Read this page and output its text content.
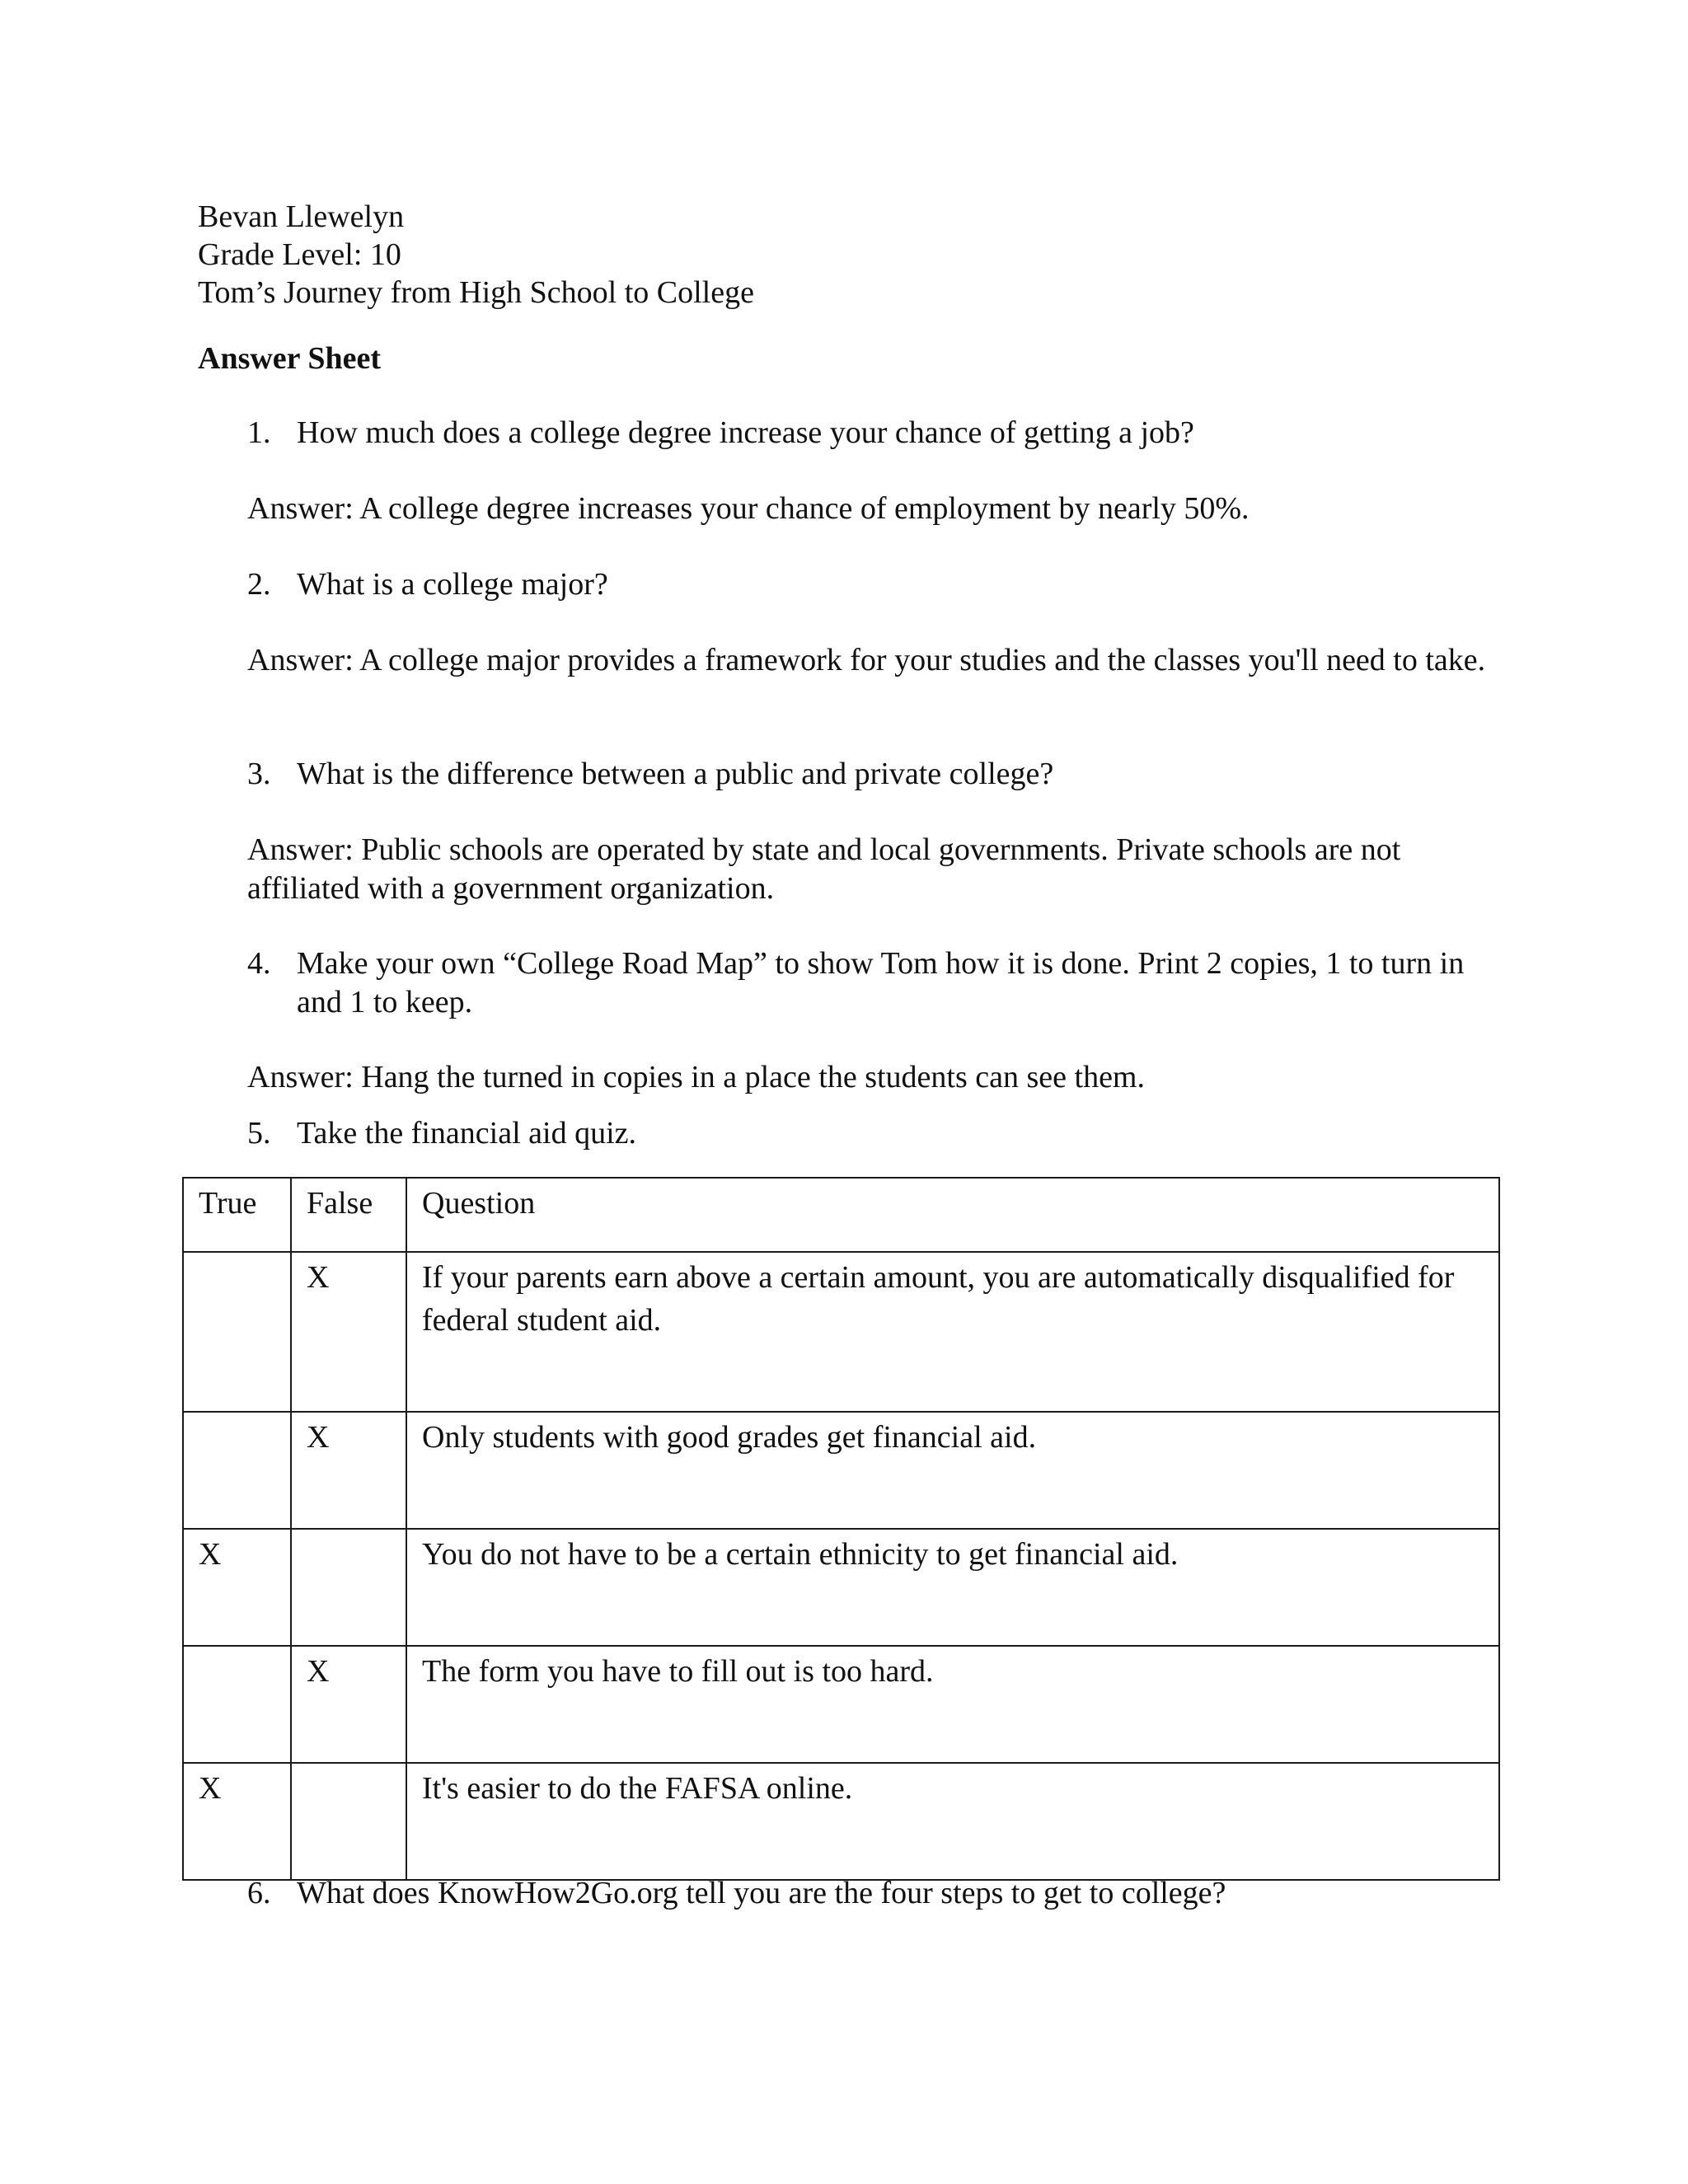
Bevan Llewelyn
Grade Level: 10
Tom’s Journey from High School to College
Answer Sheet
1. How much does a college degree increase your chance of getting a job?
Answer: A college degree increases your chance of employment by nearly 50%.
2. What is a college major?
Answer: A college major provides a framework for your studies and the classes you'll need to take.
3. What is the difference between a public and private college?
Answer: Public schools are operated by state and local governments. Private schools are not affiliated with a government organization.
4. Make your own “College Road Map” to show Tom how it is done. Print 2 copies, 1 to turn in and 1 to keep.
Answer: Hang the turned in copies in a place the students can see them.
5. Take the financial aid quiz.
True	False	Question
	X	If your parents earn above a certain amount, you are automatically disqualified for federal student aid.
	X	Only students with good grades get financial aid.
X		You do not have to be a certain ethnicity to get financial aid.
	X	The form you have to fill out is too hard.
X		It's easier to do the FAFSA online.
6. What does KnowHow2Go.org tell you are the four steps to get to college?
